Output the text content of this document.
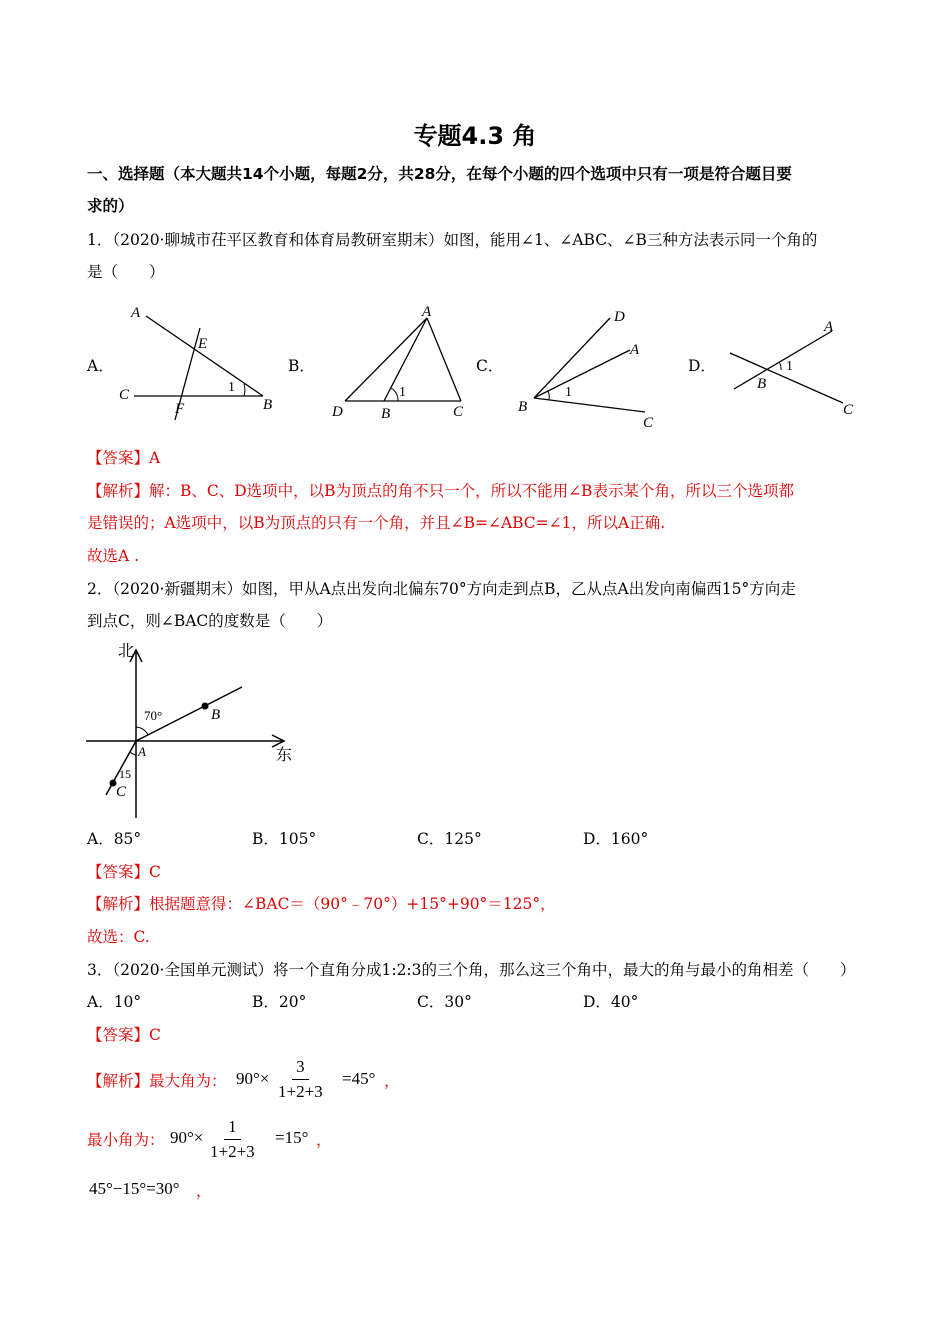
专题4.3 角
一、选择题（本大题共14个小题，每题2分，共28分，在每个小题的四个选项中只有一项是符合题目要
求的）
1．（2020·聊城市茌平区教育和体育局教研室期末）如图，能用∠1、∠ABC、∠B三种方法表示同一个角的
是（　　）
A．	B．	C．	D．
A
E
1
C
F	B
A
1
D	B	C
D
A
1
B
C
A
1
B
C
【答案】A
【解析】解：B、C、D选项中，以B为顶点的角不只一个，所以不能用∠B表示某个角，所以三个选项都
是错误的；A选项中，以B为顶点的只有一个角，并且∠B=∠ABC=∠1，所以A正确.
故选A .
2．（2020·新疆期末）如图，甲从A点出发向北偏东70°方向走到点B，乙从点A出发向南偏西15°方向走
到点C，则∠BAC的度数是（　　）
北
东
70°
15
A
B
C
A．85°	B．105°	C．125°	D．160°
【答案】C
【解析】根据题意得：∠BAC＝（90°﹣70°）+15°+90°＝125°，
故选：C.
3．（2020·全国单元测试）将一个直角分成1:2:3的三个角，那么这三个角中，最大的角与最小的角相差（　　）
A．10°	B．20°	C．30°	D．40°
【答案】C
【解析】最大角为： $90^\circ\times \frac{3}{1+2+3} =45^\circ$ ，
最小角为： $90^\circ\times \frac{1}{1+2+3} =15^\circ$ ，
45°−15°=30° ，
